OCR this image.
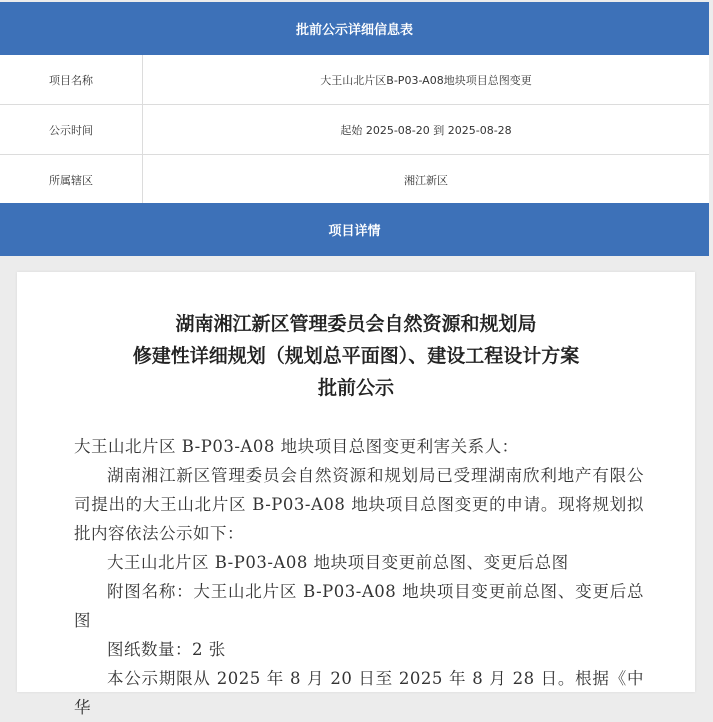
批前公示详细信息表
项目名称	大王山北片区B-P03-A08地块项目总图变更
公示时间	起始 2025-08-20 到 2025-08-28
所属辖区	湘江新区
项目详情
湖南湘江新区管理委员会自然资源和规划局
修建性详细规划（规划总平面图）、建设工程设计方案
批前公示

大王山北片区 B-P03-A08 地块项目总图变更利害关系人：

湖南湘江新区管理委员会自然资源和规划局已受理湖南欣利地产有限公司提出的大王山北片区 B-P03-A08 地块项目总图变更的申请。现将规划拟批内容依法公示如下：

大王山北片区 B-P03-A08 地块项目变更前总图、变更后总图

附图名称：大王山北片区 B-P03-A08 地块项目变更前总图、变更后总图

图纸数量：2 张

本公示期限从 2025 年 8 月 20 日至 2025 年 8 月 28 日。根据《中华
